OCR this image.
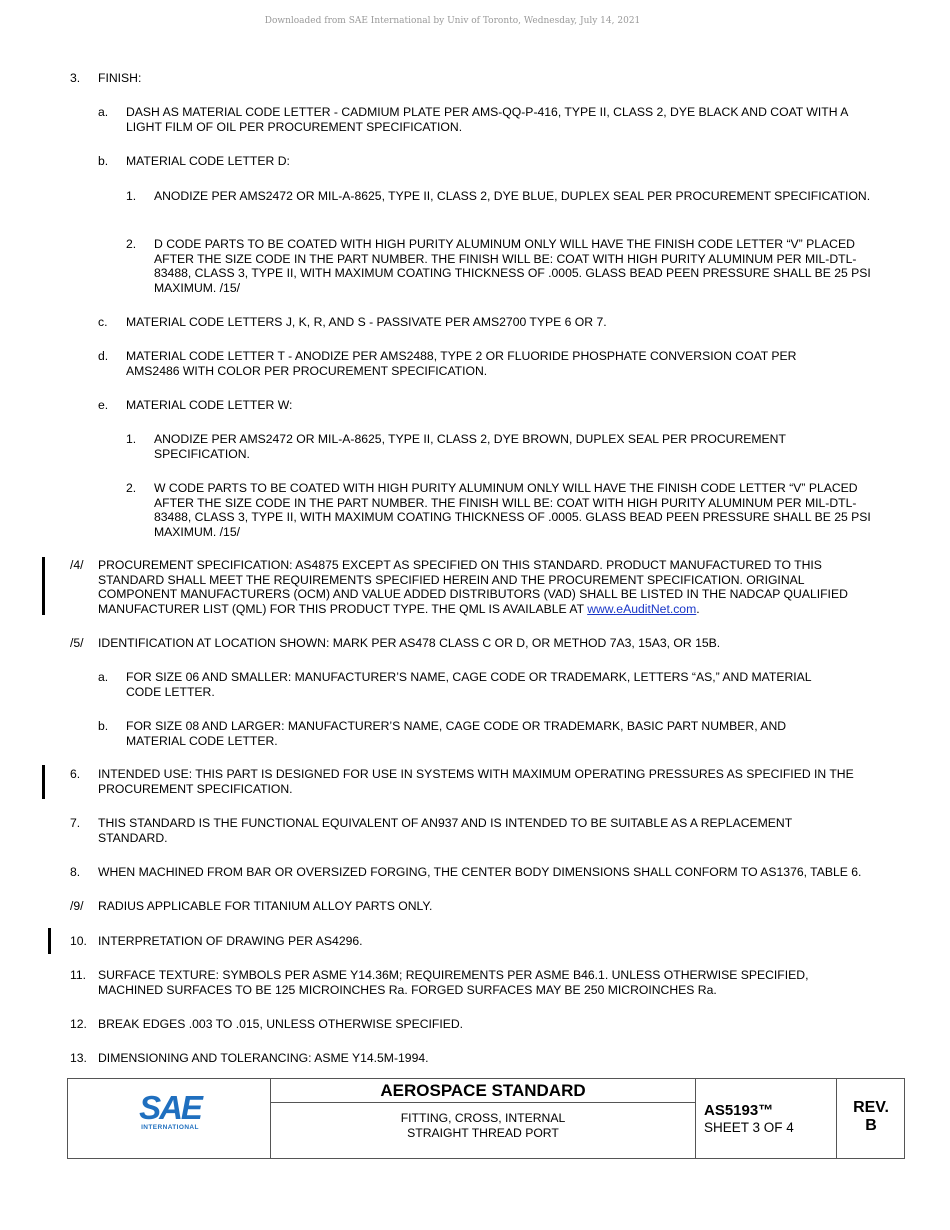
Downloaded from SAE International by Univ of Toronto, Wednesday, July 14, 2021
3. FINISH:
a. DASH AS MATERIAL CODE LETTER - CADMIUM PLATE PER AMS-QQ-P-416, TYPE II, CLASS 2, DYE BLACK AND COAT WITH A LIGHT FILM OF OIL PER PROCUREMENT SPECIFICATION.
b. MATERIAL CODE LETTER D:
1. ANODIZE PER AMS2472 OR MIL-A-8625, TYPE II, CLASS 2, DYE BLUE, DUPLEX SEAL PER PROCUREMENT SPECIFICATION.
2. D CODE PARTS TO BE COATED WITH HIGH PURITY ALUMINUM ONLY WILL HAVE THE FINISH CODE LETTER “V” PLACED AFTER THE SIZE CODE IN THE PART NUMBER. THE FINISH WILL BE: COAT WITH HIGH PURITY ALUMINUM PER MIL-DTL-83488, CLASS 3, TYPE II, WITH MAXIMUM COATING THICKNESS OF .0005. GLASS BEAD PEEN PRESSURE SHALL BE 25 PSI MAXIMUM. /15/
c. MATERIAL CODE LETTERS J, K, R, AND S - PASSIVATE PER AMS2700 TYPE 6 OR 7.
d. MATERIAL CODE LETTER T - ANODIZE PER AMS2488, TYPE 2 OR FLUORIDE PHOSPHATE CONVERSION COAT PER AMS2486 WITH COLOR PER PROCUREMENT SPECIFICATION.
e. MATERIAL CODE LETTER W:
1. ANODIZE PER AMS2472 OR MIL-A-8625, TYPE II, CLASS 2, DYE BROWN, DUPLEX SEAL PER PROCUREMENT SPECIFICATION.
2. W CODE PARTS TO BE COATED WITH HIGH PURITY ALUMINUM ONLY WILL HAVE THE FINISH CODE LETTER “V” PLACED AFTER THE SIZE CODE IN THE PART NUMBER. THE FINISH WILL BE: COAT WITH HIGH PURITY ALUMINUM PER MIL-DTL-83488, CLASS 3, TYPE II, WITH MAXIMUM COATING THICKNESS OF .0005. GLASS BEAD PEEN PRESSURE SHALL BE 25 PSI MAXIMUM. /15/
/4/ PROCUREMENT SPECIFICATION: AS4875 EXCEPT AS SPECIFIED ON THIS STANDARD. PRODUCT MANUFACTURED TO THIS STANDARD SHALL MEET THE REQUIREMENTS SPECIFIED HEREIN AND THE PROCUREMENT SPECIFICATION. ORIGINAL COMPONENT MANUFACTURERS (OCM) AND VALUE ADDED DISTRIBUTORS (VAD) SHALL BE LISTED IN THE NADCAP QUALIFIED MANUFACTURER LIST (QML) FOR THIS PRODUCT TYPE. THE QML IS AVAILABLE AT www.eAuditNet.com.
/5/ IDENTIFICATION AT LOCATION SHOWN: MARK PER AS478 CLASS C OR D, OR METHOD 7A3, 15A3, OR 15B.
a. FOR SIZE 06 AND SMALLER: MANUFACTURER’S NAME, CAGE CODE OR TRADEMARK, LETTERS “AS,” AND MATERIAL CODE LETTER.
b. FOR SIZE 08 AND LARGER: MANUFACTURER’S NAME, CAGE CODE OR TRADEMARK, BASIC PART NUMBER, AND MATERIAL CODE LETTER.
6. INTENDED USE: THIS PART IS DESIGNED FOR USE IN SYSTEMS WITH MAXIMUM OPERATING PRESSURES AS SPECIFIED IN THE PROCUREMENT SPECIFICATION.
7. THIS STANDARD IS THE FUNCTIONAL EQUIVALENT OF AN937 AND IS INTENDED TO BE SUITABLE AS A REPLACEMENT STANDARD.
8. WHEN MACHINED FROM BAR OR OVERSIZED FORGING, THE CENTER BODY DIMENSIONS SHALL CONFORM TO AS1376, TABLE 6.
/9/ RADIUS APPLICABLE FOR TITANIUM ALLOY PARTS ONLY.
10. INTERPRETATION OF DRAWING PER AS4296.
11. SURFACE TEXTURE: SYMBOLS PER ASME Y14.36M; REQUIREMENTS PER ASME B46.1. UNLESS OTHERWISE SPECIFIED, MACHINED SURFACES TO BE 125 MICROINCHES Ra. FORGED SURFACES MAY BE 250 MICROINCHES Ra.
12. BREAK EDGES .003 TO .015, UNLESS OTHERWISE SPECIFIED.
13. DIMENSIONING AND TOLERANCING: ASME Y14.5M-1994.
SAE
INTERNATIONAL
AEROSPACE STANDARD
FITTING, CROSS, INTERNAL
STRAIGHT THREAD PORT
AS5193™
SHEET 3 OF 4
REV.
B
